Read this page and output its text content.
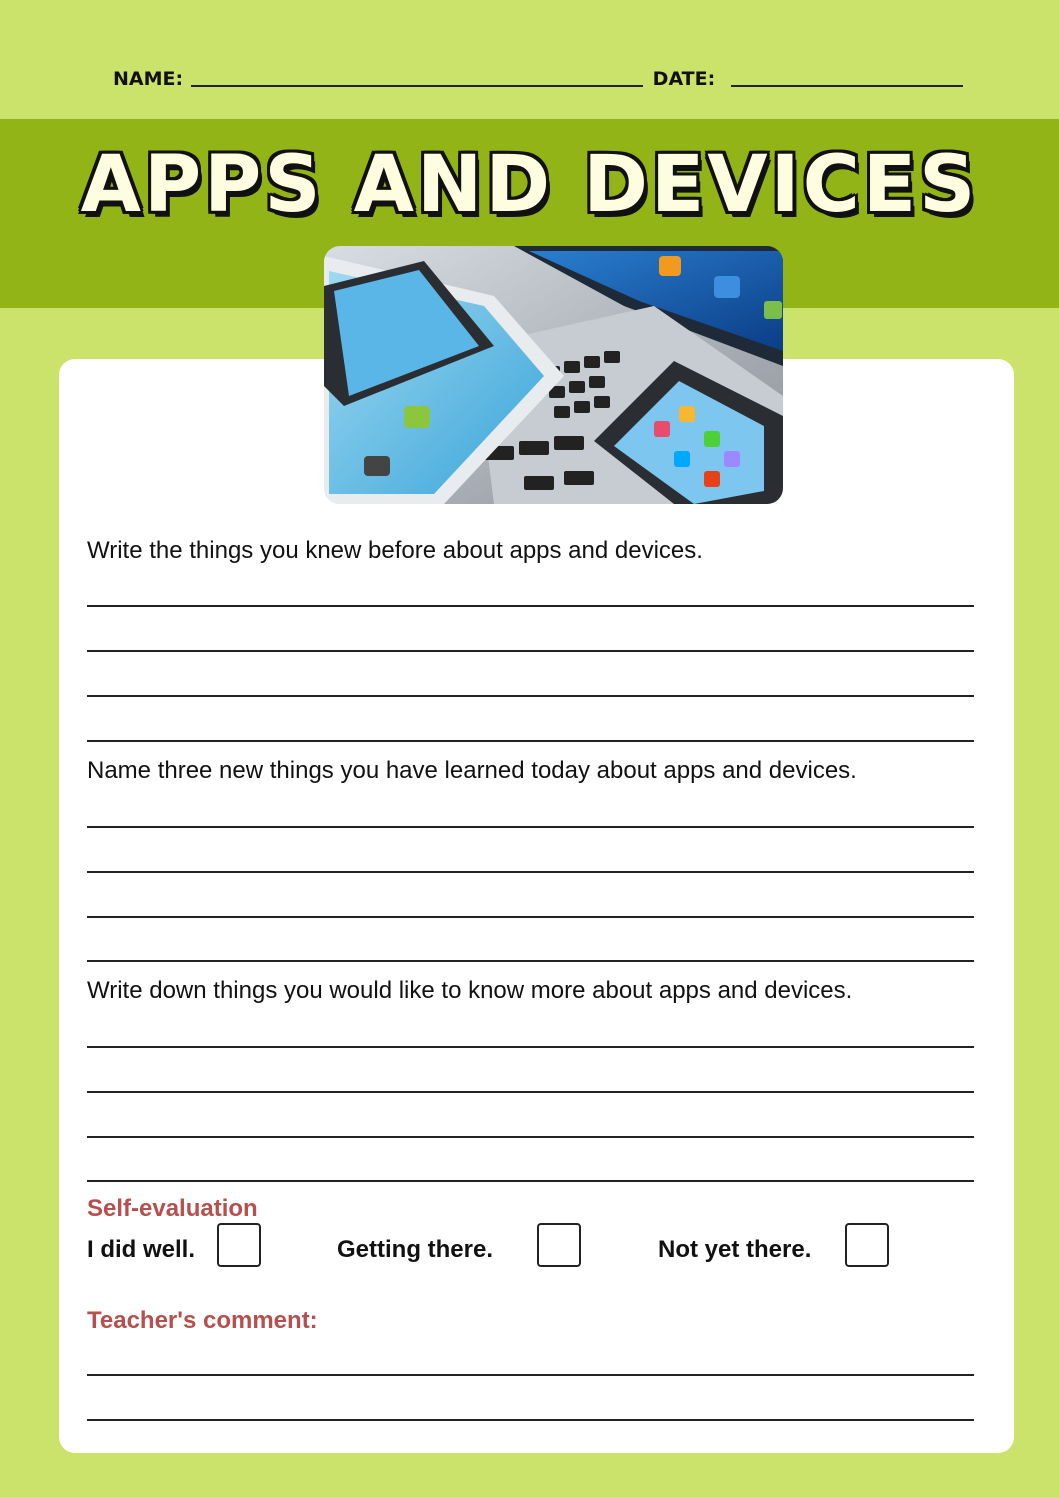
NAME:	DATE:
APPS AND DEVICES
Write the things you knew before about apps and devices.
Name three new things you have learned today about apps and devices.
Write down things you would like to know more about apps and devices.
Self-evaluation
I did well.	Getting there.	Not yet there.
Teacher's comment:
